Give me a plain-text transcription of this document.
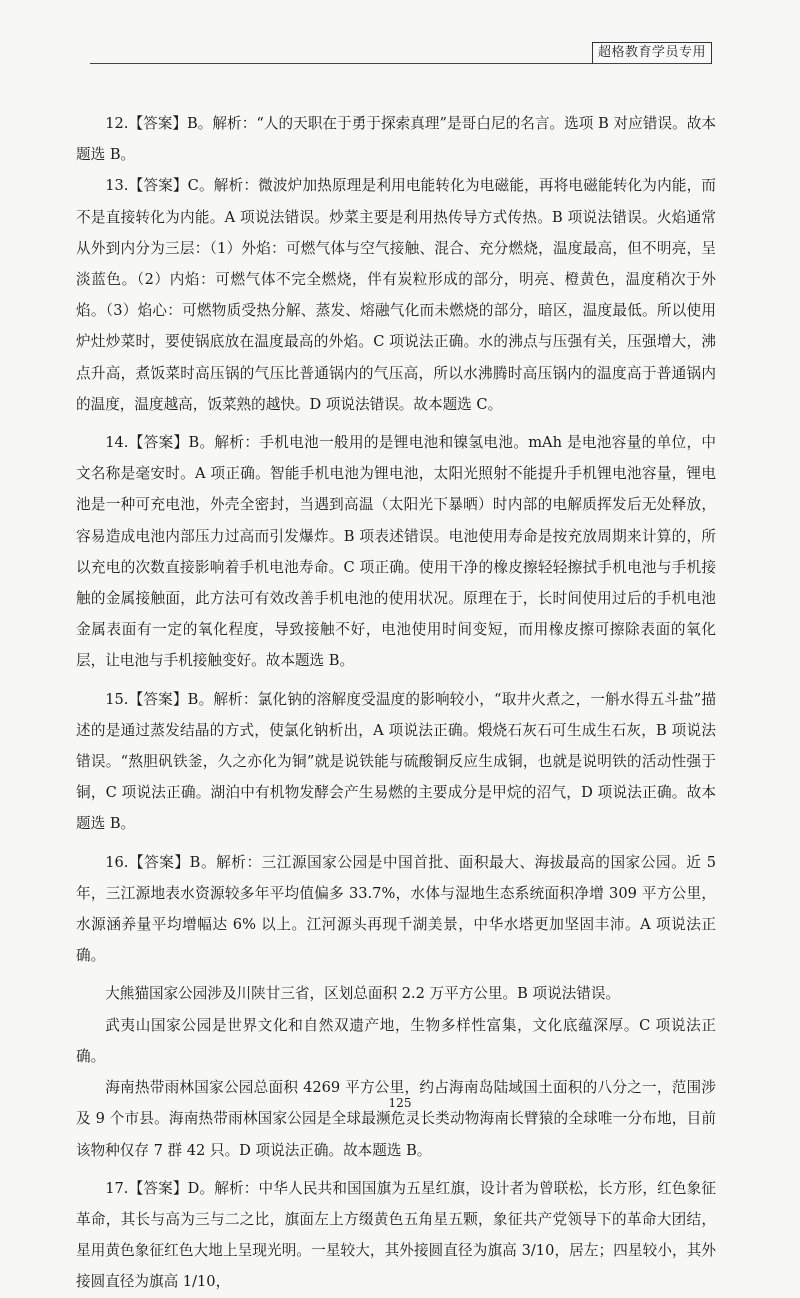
超格教育学员专用

12.【答案】B。解析：“人的天职在于勇于探索真理”是哥白尼的名言。选项 B 对应错误。故本题选 B。

13.【答案】C。解析：微波炉加热原理是利用电能转化为电磁能，再将电磁能转化为内能，而不是直接转化为内能。A 项说法错误。炒菜主要是利用热传导方式传热。B 项说法错误。火焰通常从外到内分为三层：（1）外焰：可燃气体与空气接触、混合、充分燃烧，温度最高，但不明亮，呈淡蓝色。（2）内焰：可燃气体不完全燃烧，伴有炭粒形成的部分，明亮、橙黄色，温度稍次于外焰。（3）焰心：可燃物质受热分解、蒸发、熔融气化而未燃烧的部分，暗区，温度最低。所以使用炉灶炒菜时，要使锅底放在温度最高的外焰。C 项说法正确。水的沸点与压强有关，压强增大，沸点升高，煮饭菜时高压锅的气压比普通锅内的气压高，所以水沸腾时高压锅内的温度高于普通锅内的温度，温度越高，饭菜熟的越快。D 项说法错误。故本题选 C。

14.【答案】B。解析：手机电池一般用的是锂电池和镍氢电池。mAh 是电池容量的单位，中文名称是毫安时。A 项正确。智能手机电池为锂电池，太阳光照射不能提升手机锂电池容量，锂电池是一种可充电池，外壳全密封，当遇到高温（太阳光下暴晒）时内部的电解质挥发后无处释放，容易造成电池内部压力过高而引发爆炸。B 项表述错误。电池使用寿命是按充放周期来计算的，所以充电的次数直接影响着手机电池寿命。C 项正确。使用干净的橡皮擦轻轻擦拭手机电池与手机接触的金属接触面，此方法可有效改善手机电池的使用状况。原理在于，长时间使用过后的手机电池金属表面有一定的氧化程度，导致接触不好，电池使用时间变短，而用橡皮擦可擦除表面的氧化层，让电池与手机接触变好。故本题选 B。

15.【答案】B。解析：氯化钠的溶解度受温度的影响较小，“取井火煮之，一斛水得五斗盐”描述的是通过蒸发结晶的方式，使氯化钠析出，A 项说法正确。煅烧石灰石可生成生石灰，B 项说法错误。“熬胆矾铁釜，久之亦化为铜”就是说铁能与硫酸铜反应生成铜，也就是说明铁的活动性强于铜，C 项说法正确。湖泊中有机物发酵会产生易燃的主要成分是甲烷的沼气，D 项说法正确。故本题选 B。

16.【答案】B。解析：三江源国家公园是中国首批、面积最大、海拔最高的国家公园。近 5 年，三江源地表水资源较多年平均值偏多 33.7%，水体与湿地生态系统面积净增 309 平方公里，水源涵养量平均增幅达 6% 以上。江河源头再现千湖美景，中华水塔更加坚固丰沛。A 项说法正确。

大熊猫国家公园涉及川陕甘三省，区划总面积 2.2 万平方公里。B 项说法错误。

武夷山国家公园是世界文化和自然双遗产地，生物多样性富集，文化底蕴深厚。C 项说法正确。

海南热带雨林国家公园总面积 4269 平方公里，约占海南岛陆域国土面积的八分之一，范围涉及 9 个市县。海南热带雨林国家公园是全球最濒危灵长类动物海南长臂猿的全球唯一分布地，目前该物种仅存 7 群 42 只。D 项说法正确。故本题选 B。

17.【答案】D。解析：中华人民共和国国旗为五星红旗，设计者为曾联松，长方形，红色象征革命，其长与高为三与二之比，旗面左上方缀黄色五角星五颗，象征共产党领导下的革命大团结，星用黄色象征红色大地上呈现光明。一星较大，其外接圆直径为旗高 3/10，居左；四星较小，其外接圆直径为旗高 1/10，

125
